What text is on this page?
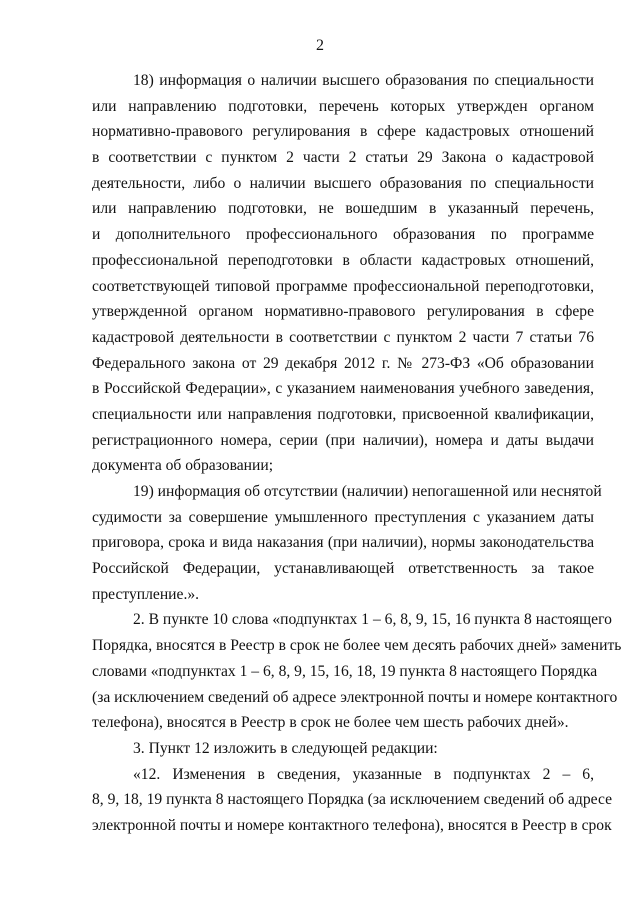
2
18) информация о наличии высшего образования по специальности
или направлению подготовки, перечень которых утвержден органом
нормативно-правового регулирования в сфере кадастровых отношений
в соответствии с пунктом 2 части 2 статьи 29 Закона о кадастровой
деятельности, либо о наличии высшего образования по специальности
или направлению подготовки, не вошедшим в указанный перечень,
и дополнительного профессионального образования по программе
профессиональной переподготовки в области кадастровых отношений,
соответствующей типовой программе профессиональной переподготовки,
утвержденной органом нормативно-правового регулирования в сфере
кадастровой деятельности в соответствии с пунктом 2 части 7 статьи 76
Федерального закона от 29 декабря 2012 г. № 273-ФЗ «Об образовании
в Российской Федерации», с указанием наименования учебного заведения,
специальности или направления подготовки, присвоенной квалификации,
регистрационного номера, серии (при наличии), номера и даты выдачи
документа об образовании;
19) информация об отсутствии (наличии) непогашенной или неснятой
судимости за совершение умышленного преступления с указанием даты
приговора, срока и вида наказания (при наличии), нормы законодательства
Российской Федерации, устанавливающей ответственность за такое
преступление.».
2. В пункте 10 слова «подпунктах 1 – 6, 8, 9, 15, 16 пункта 8 настоящего
Порядка, вносятся в Реестр в срок не более чем десять рабочих дней» заменить
словами «подпунктах 1 – 6, 8, 9, 15, 16, 18, 19 пункта 8 настоящего Порядка
(за исключением сведений об адресе электронной почты и номере контактного
телефона), вносятся в Реестр в срок не более чем шесть рабочих дней».
3. Пункт 12 изложить в следующей редакции:
«12. Изменения в сведения, указанные в подпунктах 2 – 6,
8, 9, 18, 19 пункта 8 настоящего Порядка (за исключением сведений об адресе
электронной почты и номере контактного телефона), вносятся в Реестр в срок
